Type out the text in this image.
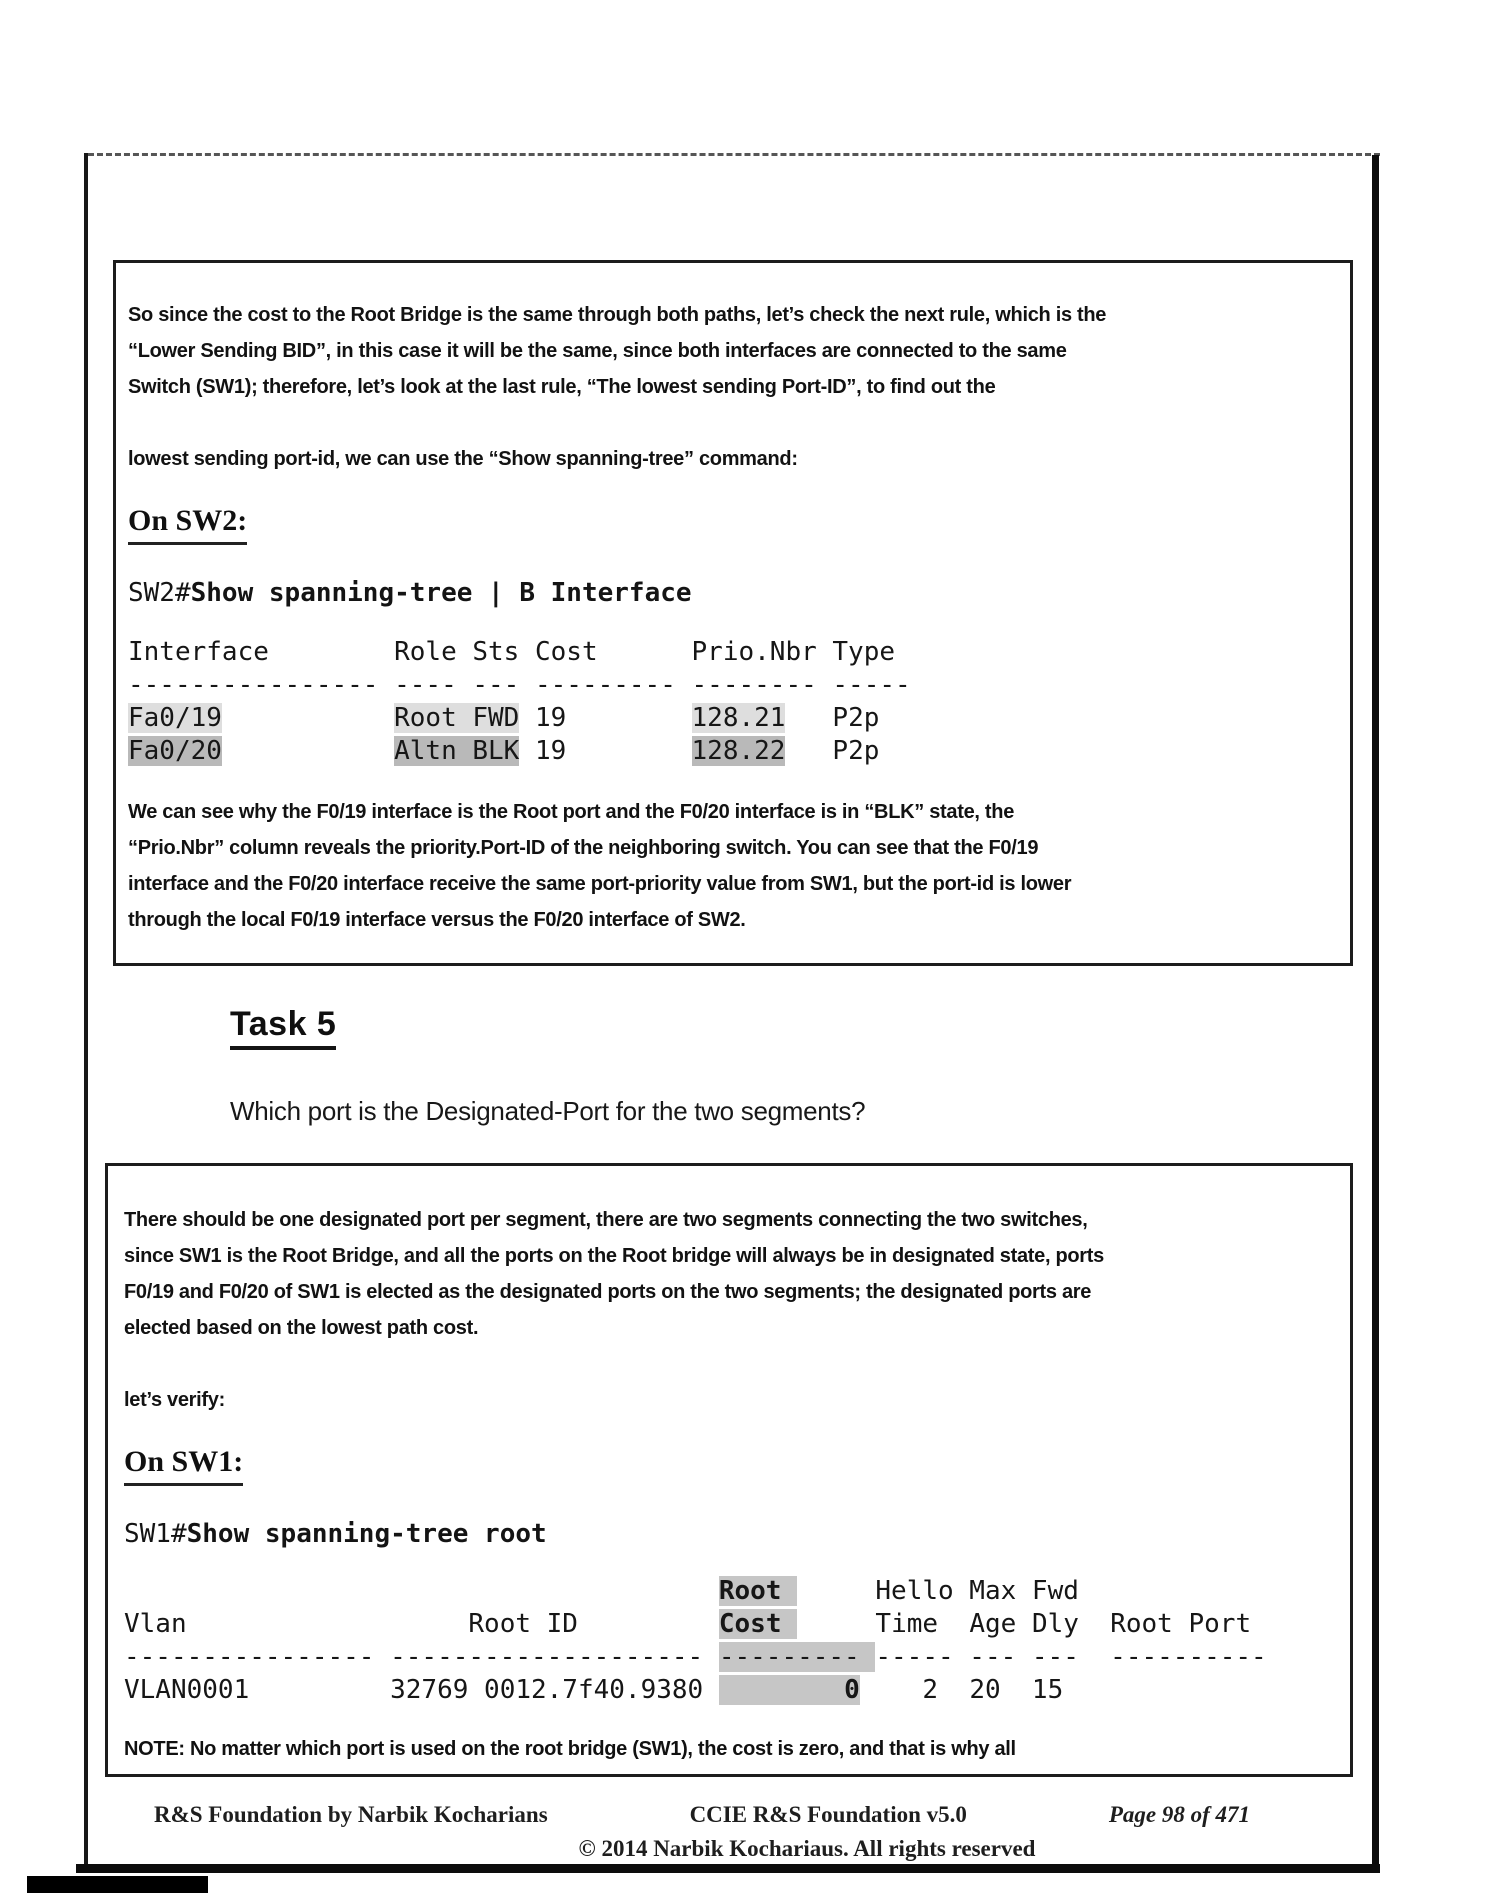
So since the cost to the Root Bridge is the same through both paths, let’s check the next rule, which is the
“Lower Sending BID”, in this case it will be the same, since both interfaces are connected to the same
Switch (SW1); therefore, let’s look at the last rule, “The lowest sending Port-ID”, to find out the
lowest sending port-id, we can use the “Show spanning-tree” command:
On SW2:
SW2#Show spanning-tree | B Interface
Interface        Role Sts Cost      Prio.Nbr Type
---------------- ---- --- --------- -------- -----
Fa0/19	Root FWD 19        128.21 P2p
Fa0/20	Altn BLK 19        128.22 P2p
We can see why the F0/19 interface is the Root port and the F0/20 interface is in “BLK” state, the
“Prio.Nbr” column reveals the priority.Port-ID of the neighboring switch. You can see that the F0/19
interface and the F0/20 interface receive the same port-priority value from SW1, but the port-id is lower
through the local F0/19 interface versus the F0/20 interface of SW2.
Task 5
Which port is the Designated-Port for the two segments?
There should be one designated port per segment, there are two segments connecting the two switches,
since SW1 is the Root Bridge, and all the ports on the Root bridge will always be in designated state, ports
F0/19 and F0/20 of SW1 is elected as the designated ports on the two segments; the designated ports are
elected based on the lowest path cost.
let’s verify:
On SW1:
SW1#Show spanning-tree root
Root	Hello Max Fwd
Vlan	Root ID	Cost	Time  Age Dly  Root Port
---------------- -------------------- --------- ----- --- ---  ----------
VLAN0001	32769 0012.7f40.9380         0    2  20  15
NOTE: No matter which port is used on the root bridge (SW1), the cost is zero, and that is why all
R&S Foundation by Narbik Kocharians	CCIE R&S Foundation v5.0	Page 98 of 471
© 2014 Narbik Kochariaus. All rights reserved
